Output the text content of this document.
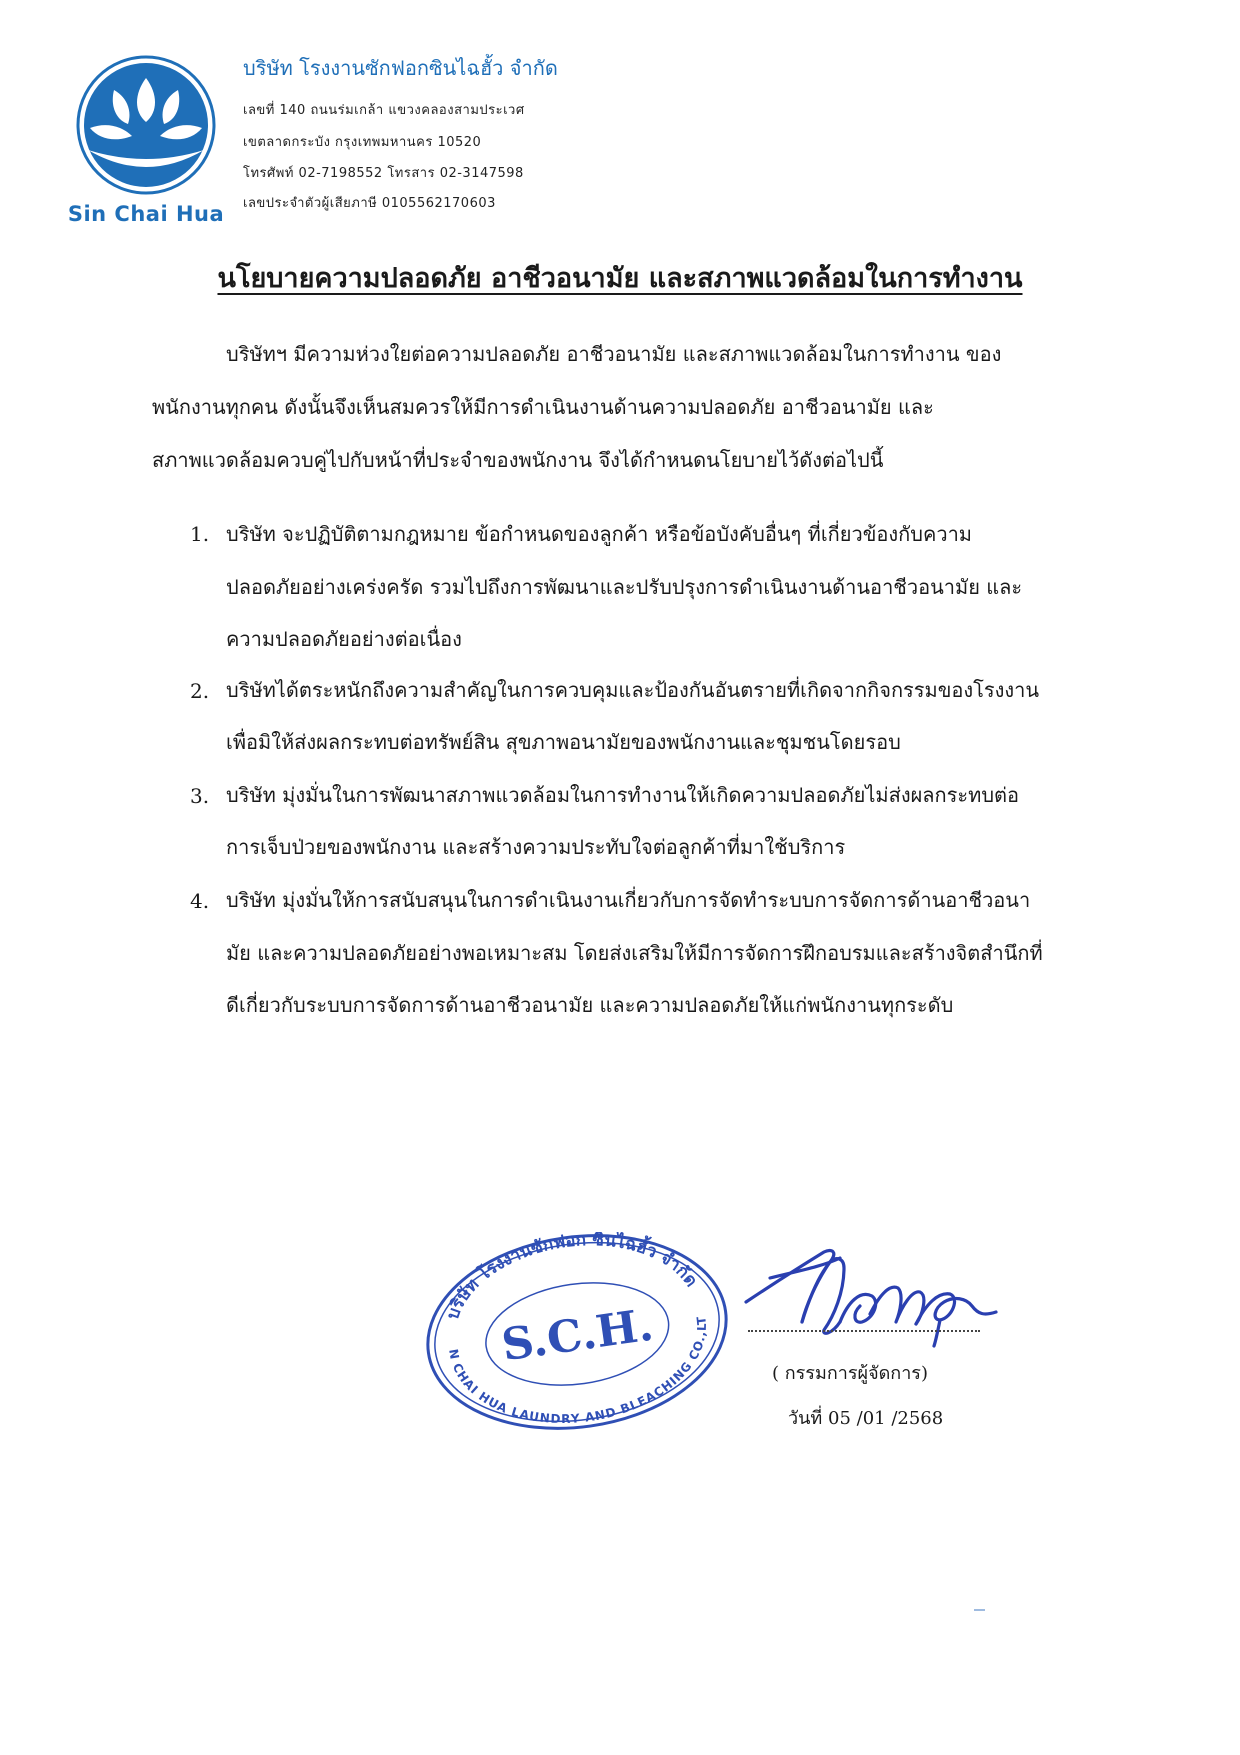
Sin Chai Hua
บริษัท โรงงานซักฟอกซินไฉฮั้ว จำกัด
เลขที่ 140 ถนนร่มเกล้า แขวงคลองสามประเวศ
เขตลาดกระบัง กรุงเทพมหานคร 10520
โทรศัพท์ 02-7198552 โทรสาร 02-3147598
เลขประจำตัวผู้เสียภาษี 0105562170603
นโยบายความปลอดภัย อาชีวอนามัย และสภาพแวดล้อมในการทำงาน
บริษัทฯ มีความห่วงใยต่อความปลอดภัย อาชีวอนามัย และสภาพแวดล้อมในการทำงาน ของ
พนักงานทุกคน ดังนั้นจึงเห็นสมควรให้มีการดำเนินงานด้านความปลอดภัย อาชีวอนามัย และ
สภาพแวดล้อมควบคู่ไปกับหน้าที่ประจำของพนักงาน จึงได้กำหนดนโยบายไว้ดังต่อไปนี้
1. บริษัท จะปฏิบัติตามกฎหมาย ข้อกำหนดของลูกค้า หรือข้อบังคับอื่นๆ ที่เกี่ยวข้องกับความ
ปลอดภัยอย่างเคร่งครัด รวมไปถึงการพัฒนาและปรับปรุงการดำเนินงานด้านอาชีวอนามัย และ
ความปลอดภัยอย่างต่อเนื่อง
2. บริษัทได้ตระหนักถึงความสำคัญในการควบคุมและป้องกันอันตรายที่เกิดจากกิจกรรมของโรงงาน
เพื่อมิให้ส่งผลกระทบต่อทรัพย์สิน สุขภาพอนามัยของพนักงานและชุมชนโดยรอบ
3. บริษัท มุ่งมั่นในการพัฒนาสภาพแวดล้อมในการทำงานให้เกิดความปลอดภัยไม่ส่งผลกระทบต่อ
การเจ็บป่วยของพนักงาน และสร้างความประทับใจต่อลูกค้าที่มาใช้บริการ
4. บริษัท มุ่งมั่นให้การสนับสนุนในการดำเนินงานเกี่ยวกับการจัดทำระบบการจัดการด้านอาชีวอนา
มัย และความปลอดภัยอย่างพอเหมาะสม โดยส่งเสริมให้มีการจัดการฝึกอบรมและสร้างจิตสำนึกที่
ดีเกี่ยวกับระบบการจัดการด้านอาชีวอนามัย และความปลอดภัยให้แก่พนักงานทุกระดับ
บริษัท โรงงานซักฟอก ซินไฉฮั้ว จำกัด
S.C.H.
SIN CHAI HUA LAUNDRY AND BLEACHING CO.,LTD.
( กรรมการผู้จัดการ)
วันที่ 05 /01 /2568
